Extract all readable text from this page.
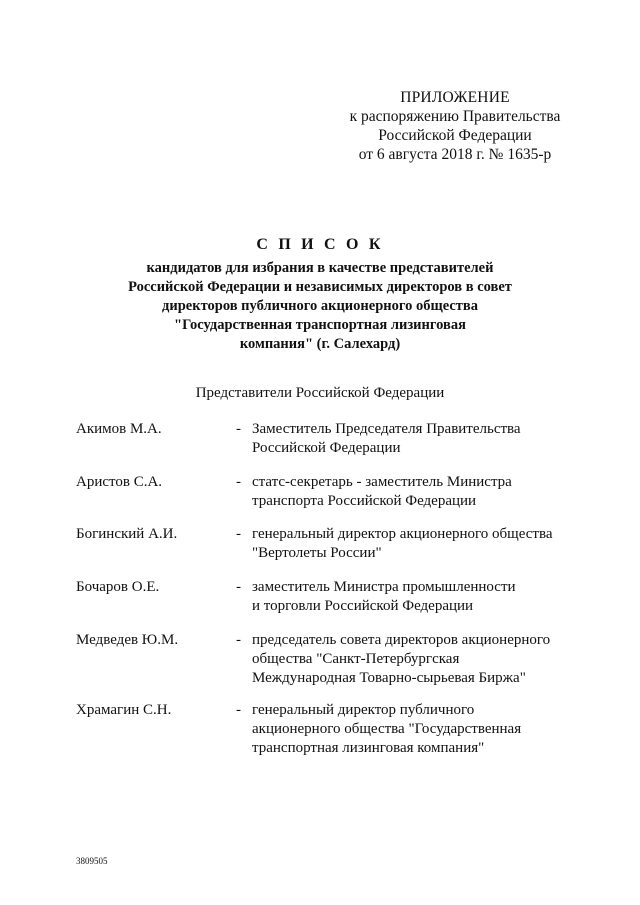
ПРИЛОЖЕНИЕ
к распоряжению Правительства
Российской Федерации
от 6 августа 2018 г. № 1635-р
С П И С О К
кандидатов для избрания в качестве представителей
Российской Федерации и независимых директоров в совет
директоров публичного акционерного общества
"Государственная транспортная лизинговая
компания" (г. Салехард)
Представители Российской Федерации
Акимов М.А.	- Заместитель Председателя Правительства
Российской Федерации
Аристов С.А.	- статс-секретарь - заместитель Министра
транспорта Российской Федерации
Богинский А.И.	- генеральный директор акционерного общества
"Вертолеты России"
Бочаров О.Е.	- заместитель Министра промышленности
и торговли Российской Федерации
Медведев Ю.М.	- председатель совета директоров акционерного
общества "Санкт-Петербургская
Международная Товарно-сырьевая Биржа"
Храмагин С.Н.	- генеральный директор публичного
акционерного общества "Государственная
транспортная лизинговая компания"
3809505
